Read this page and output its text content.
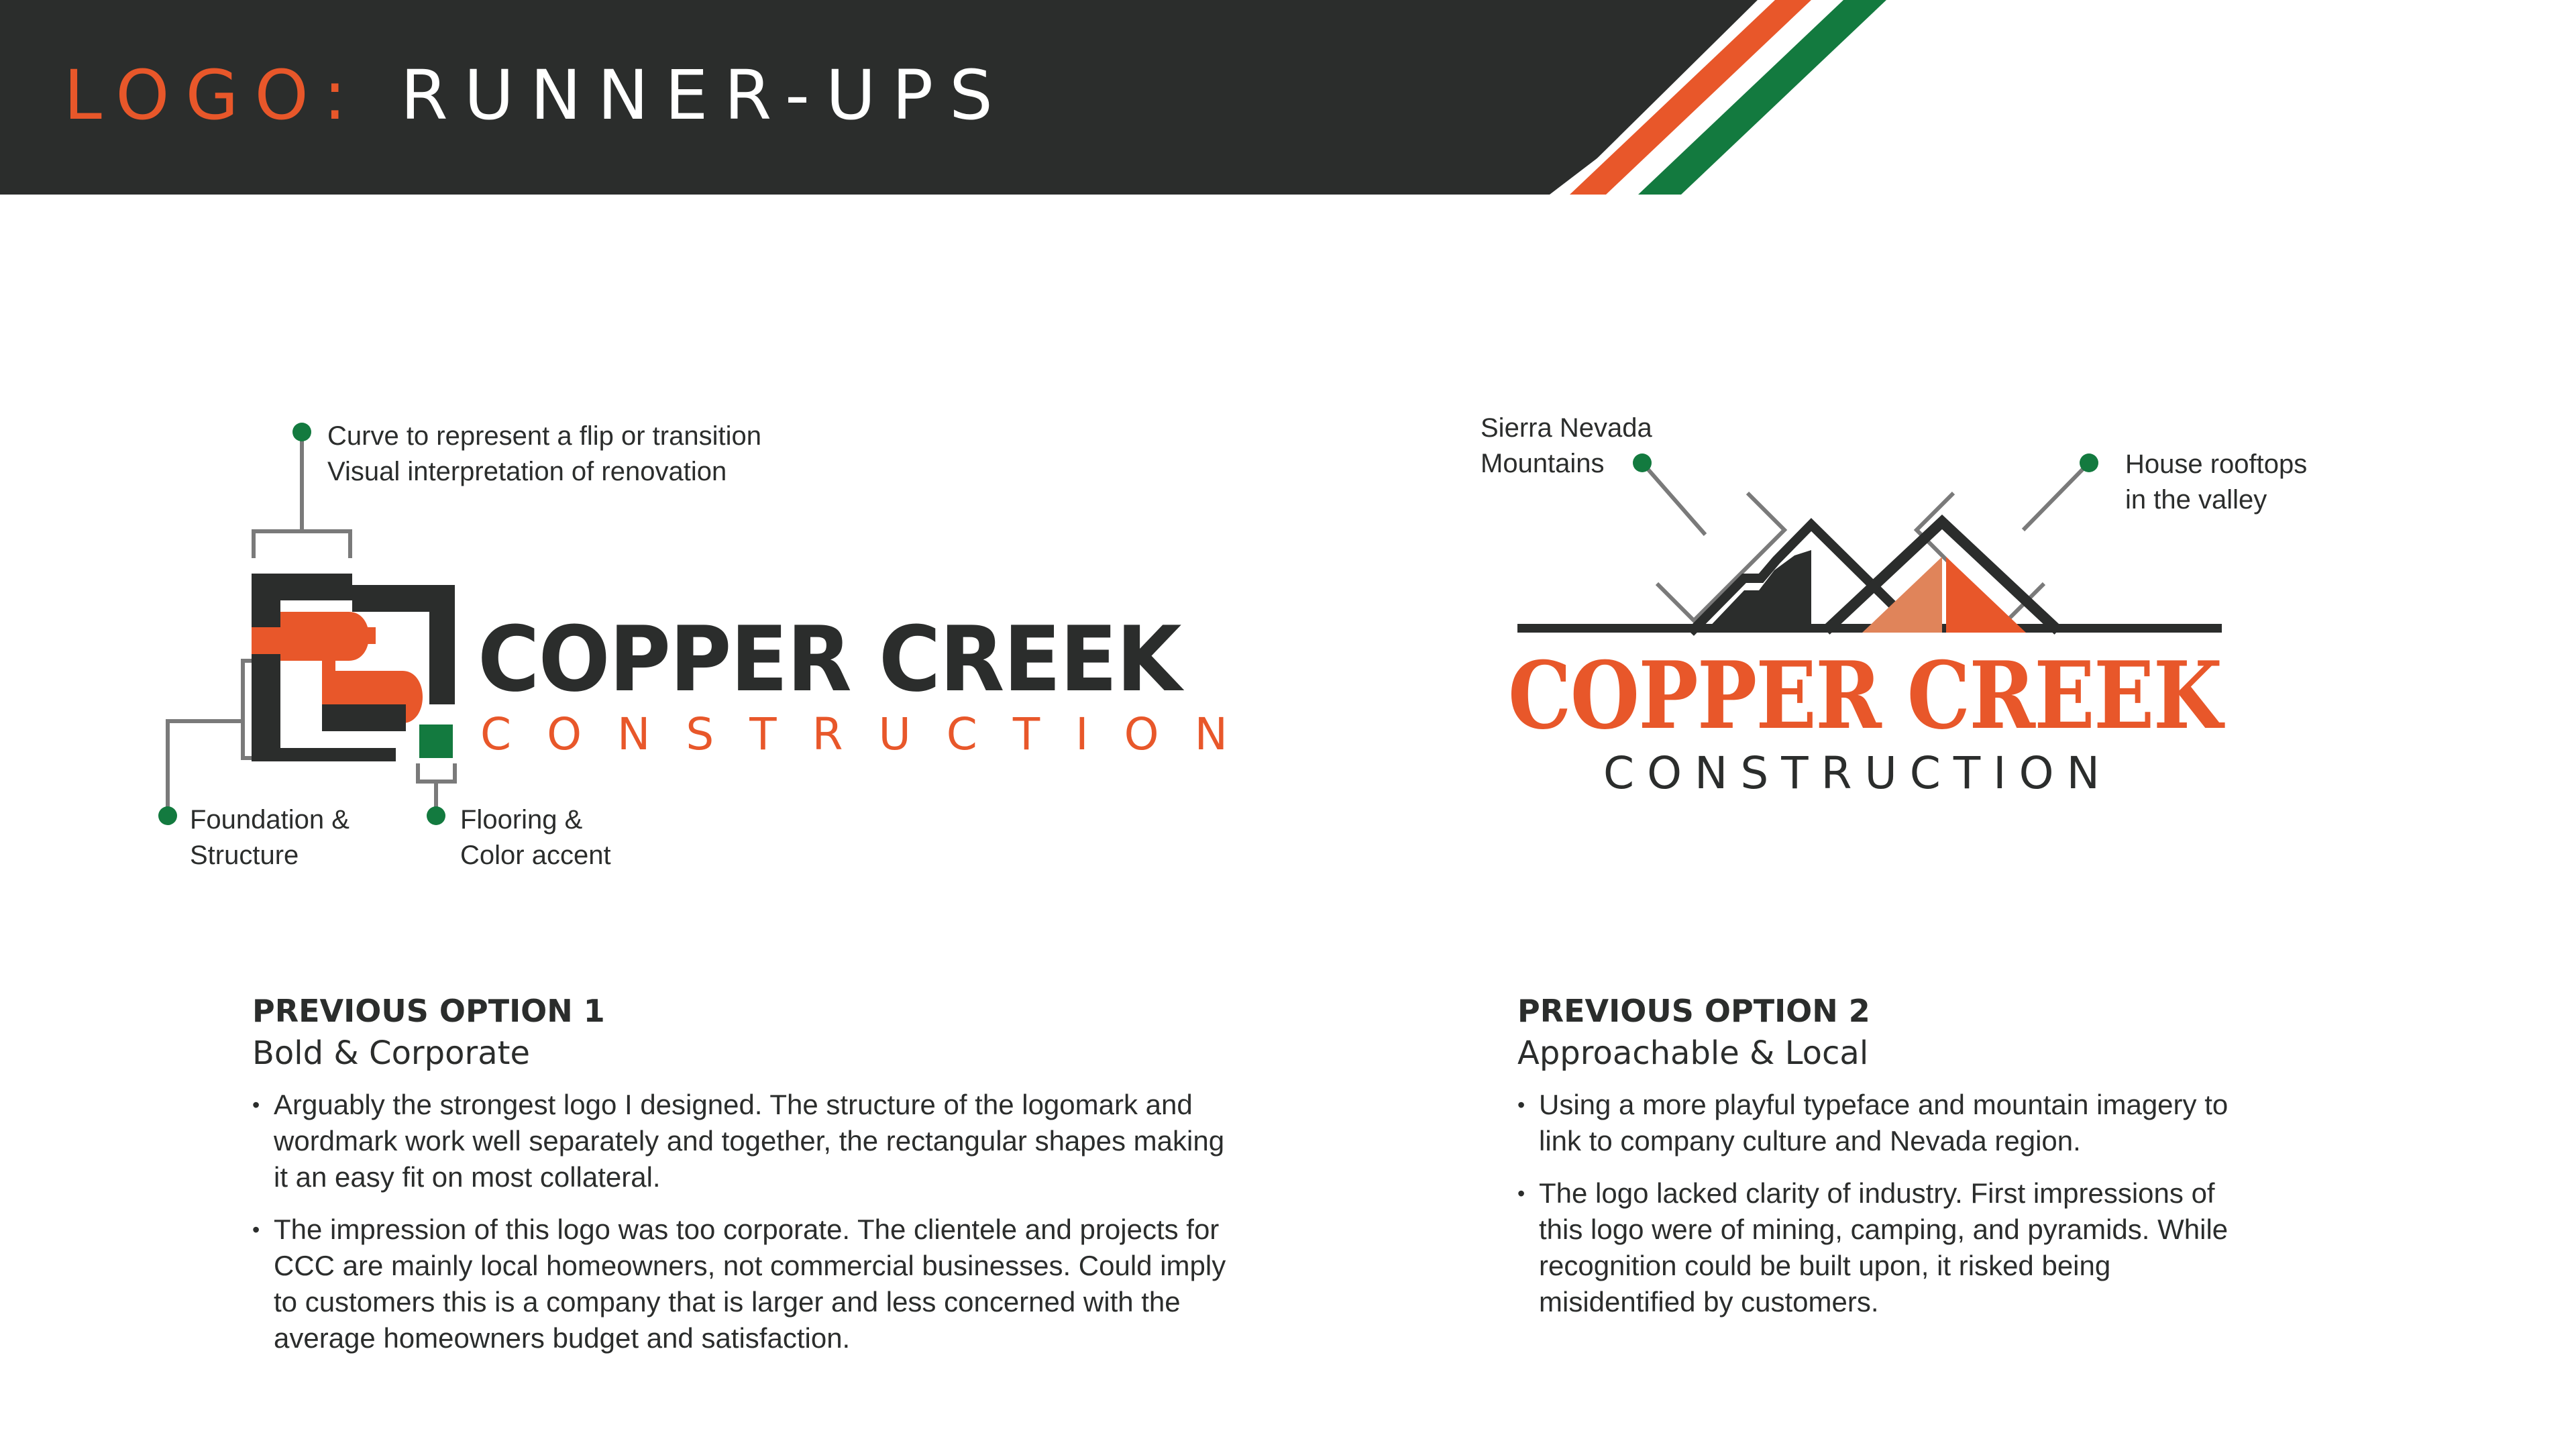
LOGO: RUNNER-UPS
Curve to represent a flip or transition
Visual interpretation of renovation
Foundation &
Structure
Flooring &
Color accent
COPPER CREEK
CONSTRUCTION
Sierra Nevada
Mountains	House rooftops
in the valley
COPPER CREEK
CONSTRUCTION
PREVIOUS OPTION 1
Bold & Corporate
• Arguably the strongest logo I designed. The structure of the logomark and wordmark work well separately and together, the rectangular shapes making it an easy fit on most collateral.
• The impression of this logo was too corporate. The clientele and projects for CCC are mainly local homeowners, not commercial businesses. Could imply to customers this is a company that is larger and less concerned with the average homeowners budget and satisfaction.
PREVIOUS OPTION 2
Approachable & Local
• Using a more playful typeface and mountain imagery to link to company culture and Nevada region.
• The logo lacked clarity of industry. First impressions of this logo were of mining, camping, and pyramids. While recognition could be built upon, it risked being misidentified by customers.
